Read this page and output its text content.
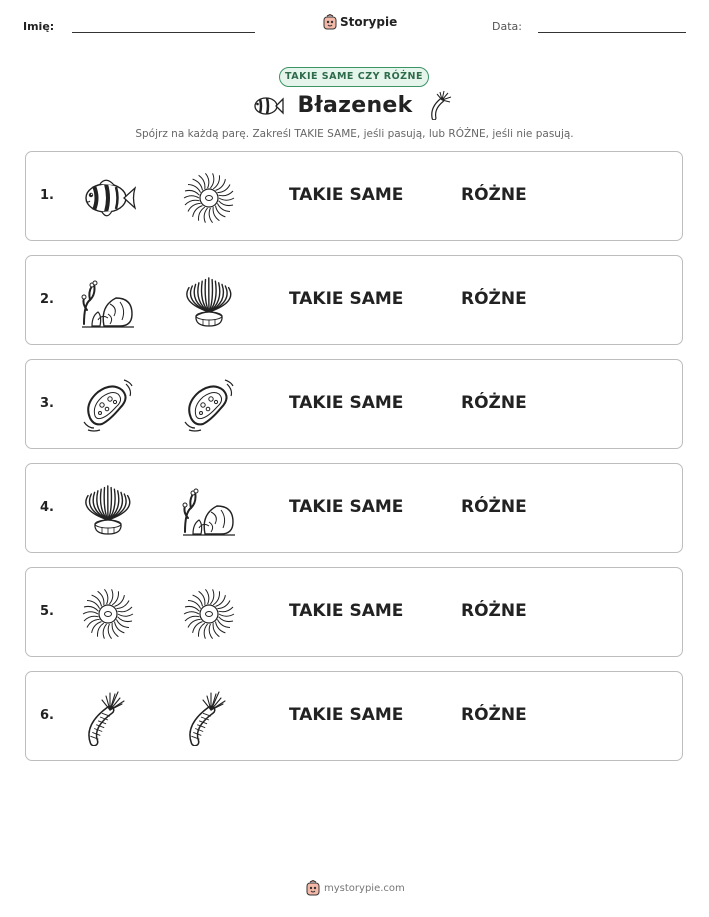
Imię:	Storypie	Data:
TAKIE SAME CZY RÓŻNE
Błazenek
Spójrz na każdą parę. Zakreśl TAKIE SAME, jeśli pasują, lub RÓŻNE, jeśli nie pasują.
1.	TAKIE SAME	RÓŻNE
2.	TAKIE SAME	RÓŻNE
3.	TAKIE SAME	RÓŻNE
4.	TAKIE SAME	RÓŻNE
5.	TAKIE SAME	RÓŻNE
6.	TAKIE SAME	RÓŻNE
mystorypie.com
